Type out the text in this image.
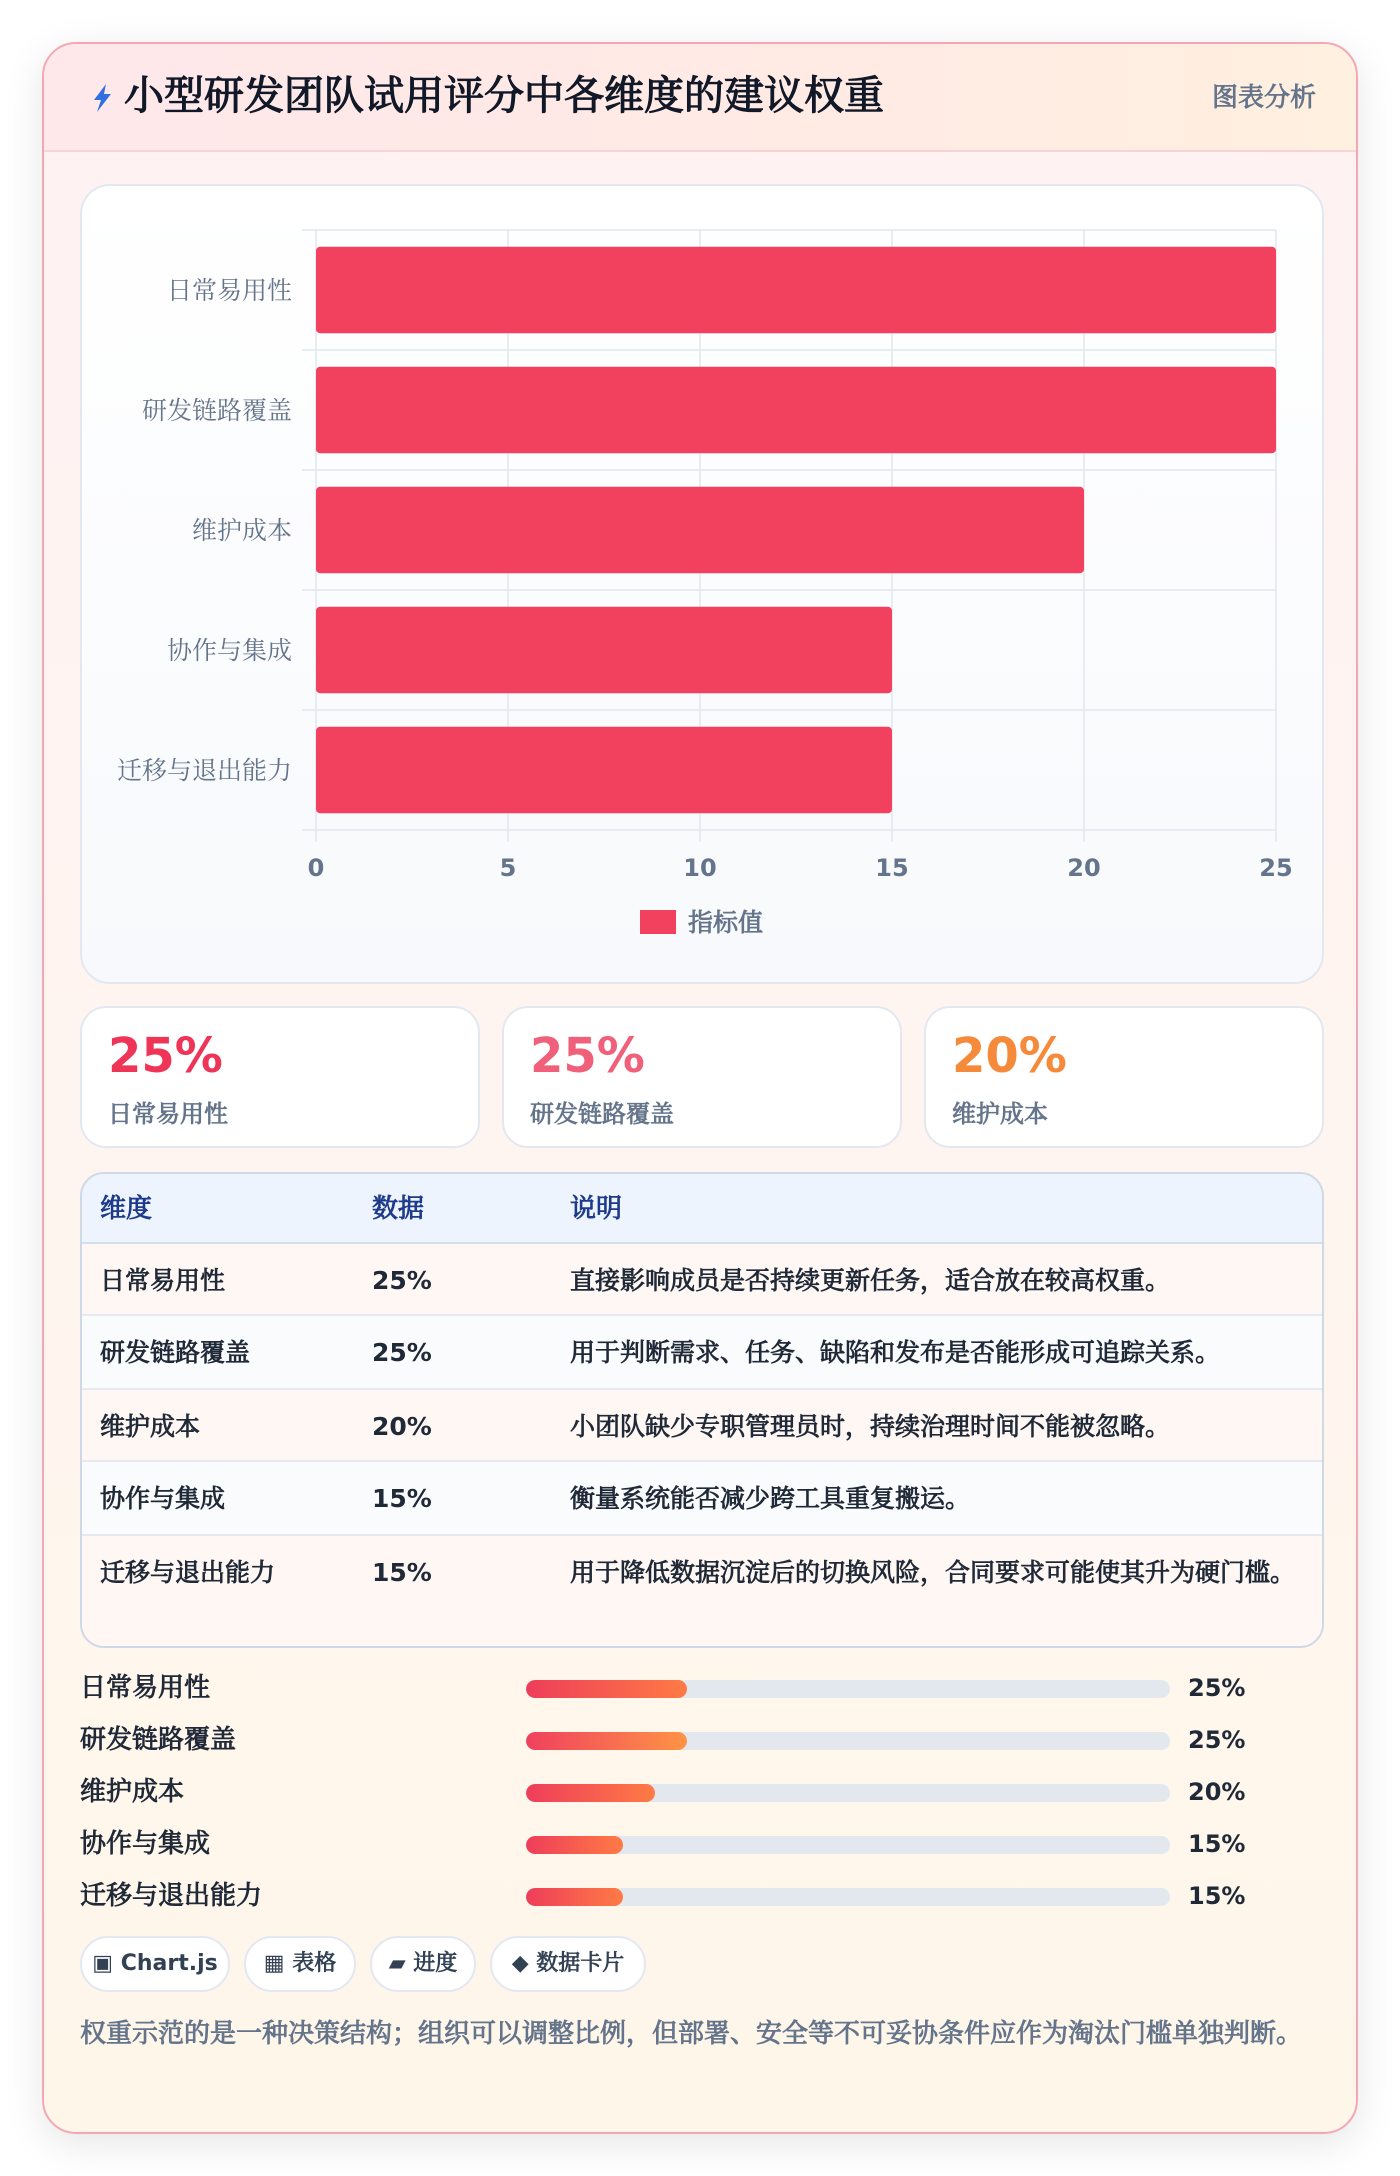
小型研发团队试用评分中各维度的建议权重	图表分析
0	5	10	15	20	25
日常易用性
研发链路覆盖
维护成本
协作与集成
迁移与退出能力
指标值
25%
日常易用性
25%
研发链路覆盖
20%
维护成本
维度	数据	说明
日常易用性	25%	直接影响成员是否持续更新任务，适合放在较高权重。
研发链路覆盖	25%	用于判断需求、任务、缺陷和发布是否能形成可追踪关系。
维护成本	20%	小团队缺少专职管理员时，持续治理时间不能被忽略。
协作与集成	15%	衡量系统能否减少跨工具重复搬运。
迁移与退出能力	15%	用于降低数据沉淀后的切换风险，合同要求可能使其升为硬门槛。
日常易用性	25%
研发链路覆盖	25%
维护成本	20%
协作与集成	15%
迁移与退出能力	15%
▣ Chart.js	▦ 表格	▰ 进度	◆ 数据卡片
权重示范的是一种决策结构；组织可以调整比例，但部署、安全等不可妥协条件应作为淘汰门槛单独判断。
